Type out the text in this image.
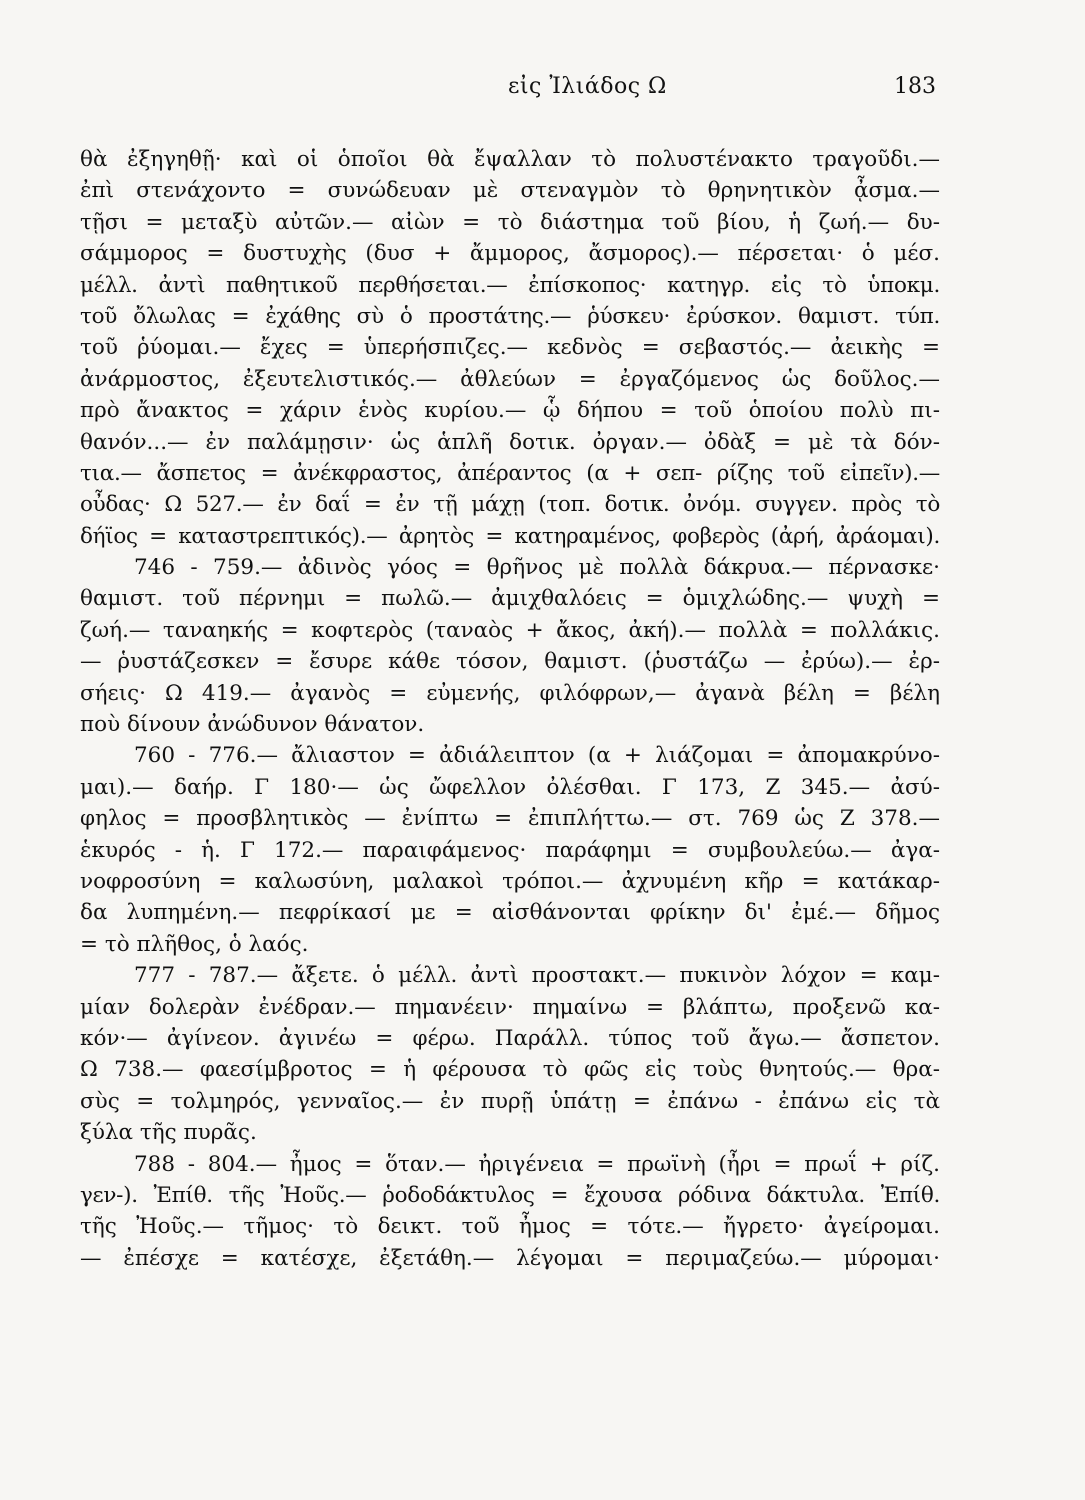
εἰς Ἰλιάδος Ω	183
θὰ ἐξηγηθῇ· καὶ οἱ ὁποῖοι θὰ ἔψαλλαν τὸ πολυστένακτο τραγοῦδι.—
ἐπὶ στενάχοντο = συνώδευαν μὲ στεναγμὸν τὸ θρηνητικὸν ᾆσμα.—
τῇσι = μεταξὺ αὐτῶν.— αἰὼν = τὸ διάστημα τοῦ βίου, ἡ ζωή.— δυ-
σάμμορος = δυστυχὴς (δυσ + ἄμμορος, ἄσμορος).— πέρσεται· ὁ μέσ.
μέλλ. ἀντὶ παθητικοῦ περθήσεται.— ἐπίσκοπος· κατηγρ. εἰς τὸ ὑποκμ.
τοῦ ὄλωλας = ἐχάθης σὺ ὁ προστάτης.— ῥύσκευ· ἐρύσκον. θαμιστ. τύπ.
τοῦ ῥύομαι.— ἔχες = ὑπερήσπιζες.— κεδνὸς = σεβαστός.— ἀεικὴς =
ἀνάρμοστος, ἐξευτελιστικός.— ἀθλεύων = ἐργαζόμενος ὡς δοῦλος.—
πρὸ ἄνακτος = χάριν ἑνὸς κυρίου.— ᾧ δήπου = τοῦ ὁποίου πολὺ πι-
θανόν...— ἐν παλάμῃσιν· ὡς ἁπλῆ δοτικ. ὀργαν.— ὀδὰξ = μὲ τὰ δόν-
τια.— ἄσπετος = ἀνέκφραστος, ἀπέραντος (α + σεπ- ρίζης τοῦ εἰπεῖν).—
οὖδας· Ω 527.— ἐν δαΐ = ἐν τῇ μάχῃ (τοπ. δοτικ. ὀνόμ. συγγεν. πρὸς τὸ
δήϊος = καταστρεπτικός).— ἀρητὸς = κατηραμένος, φοβερὸς (ἀρή, ἀράομαι).
746 - 759.— ἀδινὸς γόος = θρῆνος μὲ πολλὰ δάκρυα.— πέρνασκε·
θαμιστ. τοῦ πέρνημι = πωλῶ.— ἀμιχθαλόεις = ὁμιχλώδης.— ψυχὴ =
ζωή.— ταναηκής = κοφτερὸς (ταναὸς + ἄκος, ἀκή).— πολλὰ = πολλάκις.
— ῥυστάζεσκεν = ἔσυρε κάθε τόσον, θαμιστ. (ῥυστάζω — ἐρύω).— ἐρ-
σήεις· Ω 419.— ἀγανὸς = εὐμενής, φιλόφρων,— ἀγανὰ βέλη = βέλη
ποὺ δίνουν ἀνώδυνον θάνατον.
760 - 776.— ἄλιαστον = ἀδιάλειπτον (α + λιάζομαι = ἀπομακρύνο-
μαι).— δαήρ. Γ 180·— ὡς ὤφελλον ὀλέσθαι. Γ 173, Ζ 345.— ἀσύ-
φηλος = προσβλητικὸς — ἐνίπτω = ἐπιπλήττω.— στ. 769 ὡς Ζ 378.—
ἑκυρός - ἡ. Γ 172.— παραιφάμενος· παράφημι = συμβουλεύω.— ἀγα-
νοφροσύνη = καλωσύνη, μαλακοὶ τρόποι.— ἀχνυμένη κῆρ = κατάκαρ-
δα λυπημένη.— πεφρίκασί με = αἰσθάνονται φρίκην δι' ἐμέ.— δῆμος
= τὸ πλῆθος, ὁ λαός.
777 - 787.— ἄξετε. ὁ μέλλ. ἀντὶ προστακτ.— πυκινὸν λόχον = καμ-
μίαν δολερὰν ἐνέδραν.— πημανέειν· πημαίνω = βλάπτω, προξενῶ κα-
κόν·— ἀγίνεον. ἀγινέω = φέρω. Παράλλ. τύπος τοῦ ἄγω.— ἄσπετον.
Ω 738.— φαεσίμβροτος = ἡ φέρουσα τὸ φῶς εἰς τοὺς θνητούς.— θρα-
σὺς = τολμηρός, γενναῖος.— ἐν πυρῇ ὑπάτῃ = ἐπάνω - ἐπάνω εἰς τὰ
ξύλα τῆς πυρᾶς.
788 - 804.— ἦμος = ὅταν.— ἠριγένεια = πρωϊνὴ (ἦρι = πρωΐ + ρίζ.
γεν-). Ἐπίθ. τῆς Ἠοῦς.— ῥοδοδάκτυλος = ἔχουσα ρόδινα δάκτυλα. Ἐπίθ.
τῆς Ἠοῦς.— τῆμος· τὸ δεικτ. τοῦ ἦμος = τότε.— ἤγρετο· ἀγείρομαι.
— ἐπέσχε = κατέσχε, ἐξετάθη.— λέγομαι = περιμαζεύω.— μύρομαι·
